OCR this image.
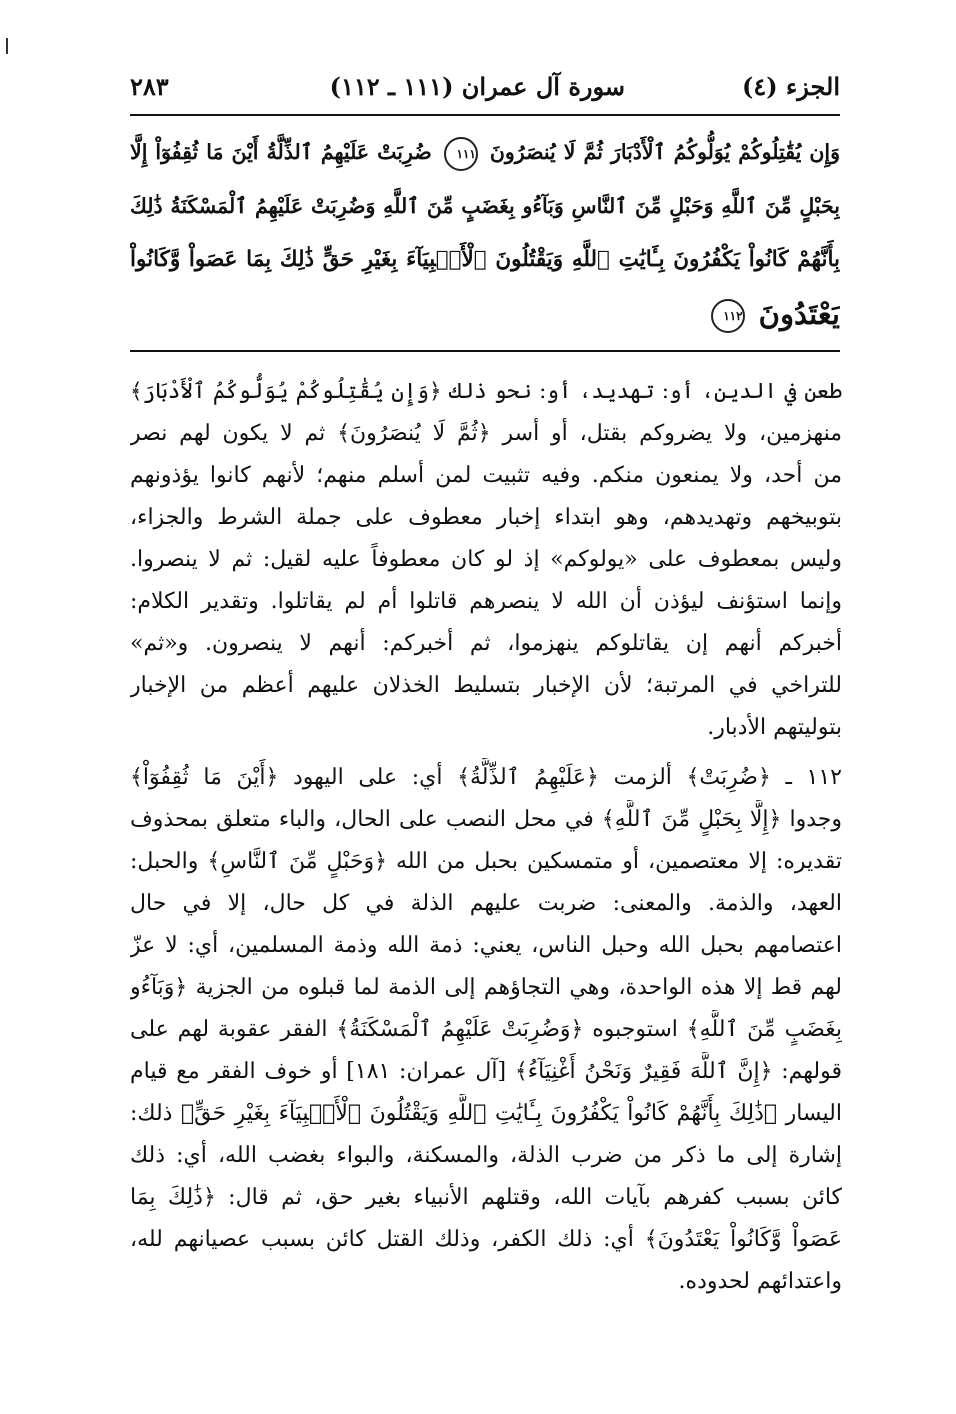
الجزء (٤)
سورة آل عمران (١١١ ـ ١١٢)
٢٨٣
وَإِن يُقَٰتِلُوكُمْ يُوَلُّوكُمُ ٱلْأَدْبَارَ ثُمَّ لَا يُنصَرُونَ ١١١ ضُرِبَتْ عَلَيْهِمُ ٱلذِّلَّةُ أَيْنَ مَا ثُقِفُوٓاْ إِلَّا
بِحَبْلٍ مِّنَ ٱللَّهِ وَحَبْلٍ مِّنَ ٱلنَّاسِ وَبَآءُو بِغَضَبٍ مِّنَ ٱللَّهِ وَضُرِبَتْ عَلَيْهِمُ ٱلْمَسْكَنَةُ ذَٰلِكَ
بِأَنَّهُمْ كَانُواْ يَكْفُرُونَ بِـَٔايَٰتِ ٱللَّهِ وَيَقْتُلُونَ ٱلْأَنۢبِيَآءَ بِغَيْرِ حَقٍّ ذَٰلِكَ بِمَا عَصَواْ وَّكَانُواْ
يَعْتَدُونَ ١١٢
طعن في الدين، أو: تهديد، أو: نحو ذلك ﴿وَإِن يُقَٰتِلُوكُمْ يُوَلُّوكُمُ ٱلْأَدْبَارَ﴾
منهزمين، ولا يضروكم بقتل، أو أسر ﴿ثُمَّ لَا يُنصَرُونَ﴾ ثم لا يكون لهم نصر
من أحد، ولا يمنعون منكم. وفيه تثبيت لمن أسلم منهم؛ لأنهم كانوا يؤذونهم
بتوبيخهم وتهديدهم، وهو ابتداء إخبار معطوف على جملة الشرط والجزاء،
وليس بمعطوف على «يولوكم» إذ لو كان معطوفاً عليه لقيل: ثم لا ينصروا.
وإنما استؤنف ليؤذن أن الله لا ينصرهم قاتلوا أم لم يقاتلوا. وتقدير الكلام:
أخبركم أنهم إن يقاتلوكم ينهزموا، ثم أخبركم: أنهم لا ينصرون. و«ثم»
للتراخي في المرتبة؛ لأن الإخبار بتسليط الخذلان عليهم أعظم من الإخبار
بتوليتهم الأدبار.
١١٢ ـ ﴿ضُرِبَتْ﴾ ألزمت ﴿عَلَيْهِمُ ٱلذِّلَّةُ﴾ أي: على اليهود ﴿أَيْنَ مَا ثُقِفُوٓاْ﴾
وجدوا ﴿إِلَّا بِحَبْلٍ مِّنَ ٱللَّهِ﴾ في محل النصب على الحال، والباء متعلق بمحذوف
تقديره: إلا معتصمين، أو متمسكين بحبل من الله ﴿وَحَبْلٍ مِّنَ ٱلنَّاسِ﴾ والحبل:
العهد، والذمة. والمعنى: ضربت عليهم الذلة في كل حال، إلا في حال
اعتصامهم بحبل الله وحبل الناس، يعني: ذمة الله وذمة المسلمين، أي: لا عزّ
لهم قط إلا هذه الواحدة، وهي التجاؤهم إلى الذمة لما قبلوه من الجزية ﴿وَبَآءُو
بِغَضَبٍ مِّنَ ٱللَّهِ﴾ استوجبوه ﴿وَضُرِبَتْ عَلَيْهِمُ ٱلْمَسْكَنَةُ﴾ الفقر عقوبة لهم على
قولهم: ﴿إِنَّ ٱللَّهَ فَقِيرٌ وَنَحْنُ أَغْنِيَآءُ﴾ [آل عمران: ١٨١] أو خوف الفقر مع قيام
اليسار ﴿ذَٰلِكَ بِأَنَّهُمْ كَانُواْ يَكْفُرُونَ بِـَٔايَٰتِ ٱللَّهِ وَيَقْتُلُونَ ٱلْأَنۢبِيَآءَ بِغَيْرِ حَقٍّ﴾ ذلك:
إشارة إلى ما ذكر من ضرب الذلة، والمسكنة، والبواء بغضب الله، أي: ذلك
كائن بسبب كفرهم بآيات الله، وقتلهم الأنبياء بغير حق، ثم قال: ﴿ذَٰلِكَ بِمَا
عَصَواْ وَّكَانُواْ يَعْتَدُونَ﴾ أي: ذلك الكفر، وذلك القتل كائن بسبب عصيانهم لله،
واعتدائهم لحدوده.
